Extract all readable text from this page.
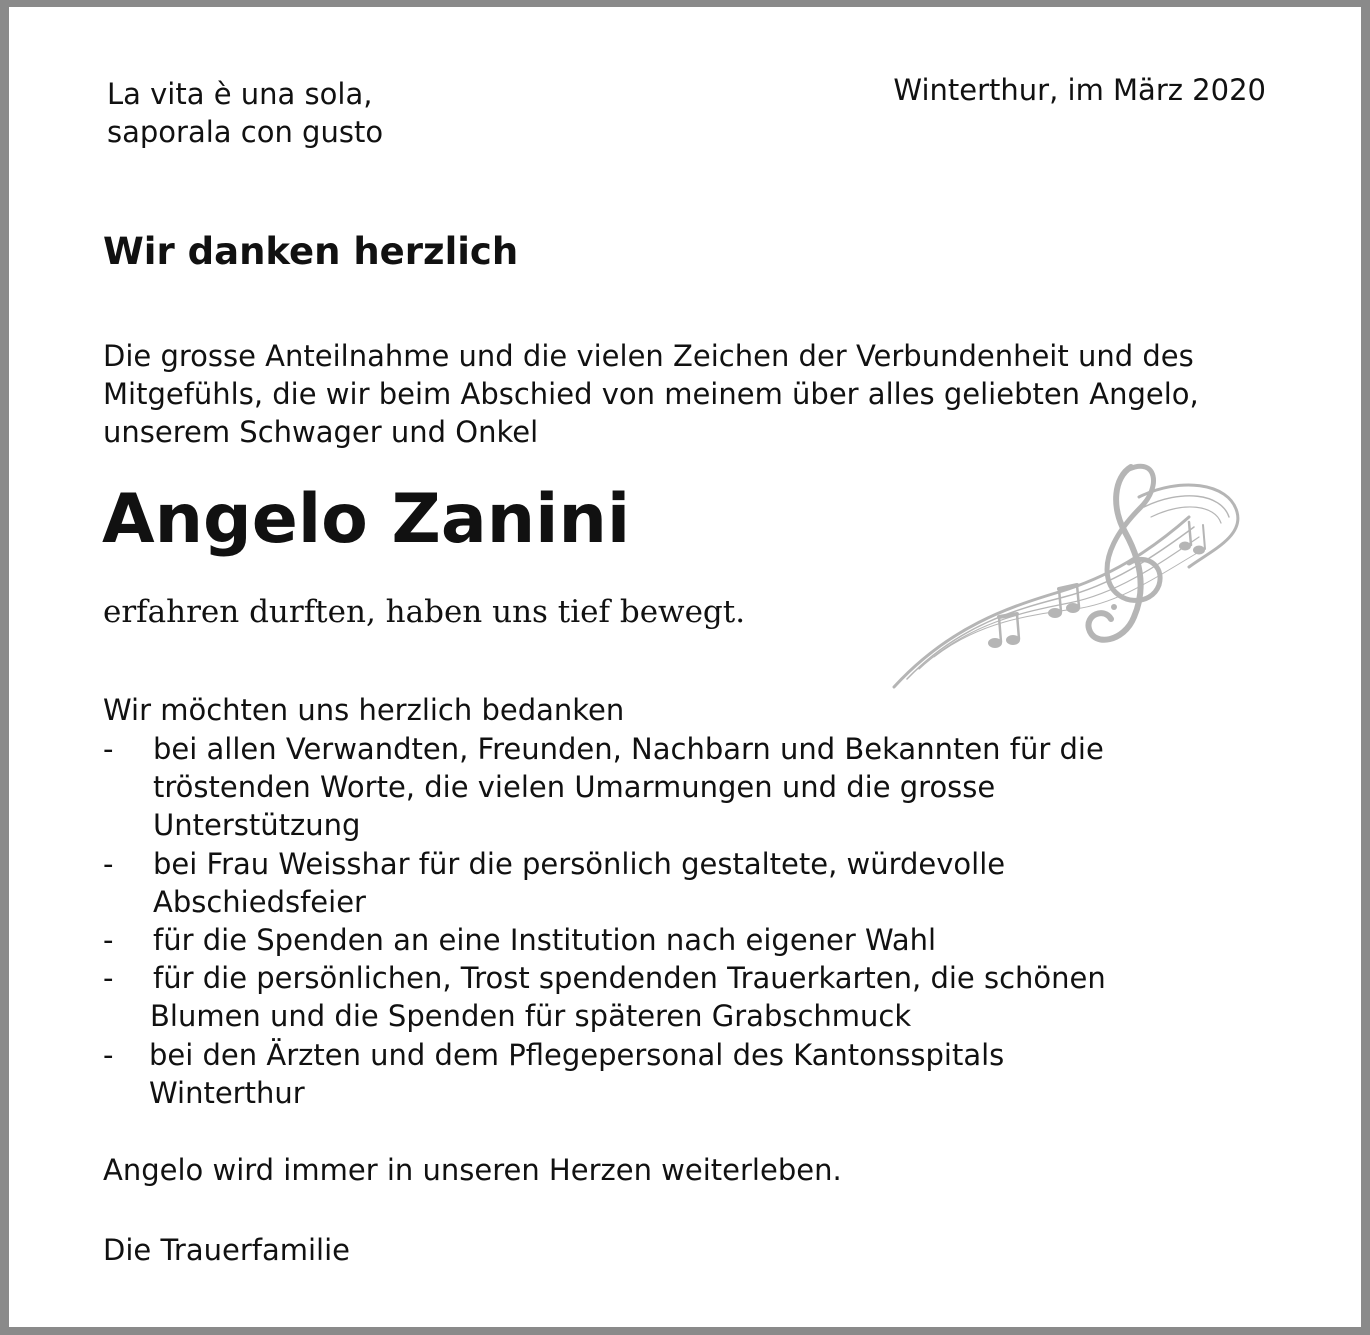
La vita è una sola,
saporala con gusto
Winterthur, im März 2020
Wir danken herzlich
Die grosse Anteilnahme und die vielen Zeichen der Verbundenheit und des
Mitgefühls, die wir beim Abschied von meinem über alles geliebten Angelo,
unserem Schwager und Onkel
Angelo Zanini
erfahren durften, haben uns tief bewegt.
Wir möchten uns herzlich bedanken
- bei allen Verwandten, Freunden, Nachbarn und Bekannten für die
tröstenden Worte, die vielen Umarmungen und die grosse
Unterstützung
- bei Frau Weisshar für die persönlich gestaltete, würdevolle
Abschiedsfeier
- für die Spenden an eine Institution nach eigener Wahl
- für die persönlichen, Trost spendenden Trauerkarten, die schönen
Blumen und die Spenden für späteren Grabschmuck
- bei den Ärzten und dem Pflegepersonal des Kantonsspitals
Winterthur
Angelo wird immer in unseren Herzen weiterleben.
Die Trauerfamilie
